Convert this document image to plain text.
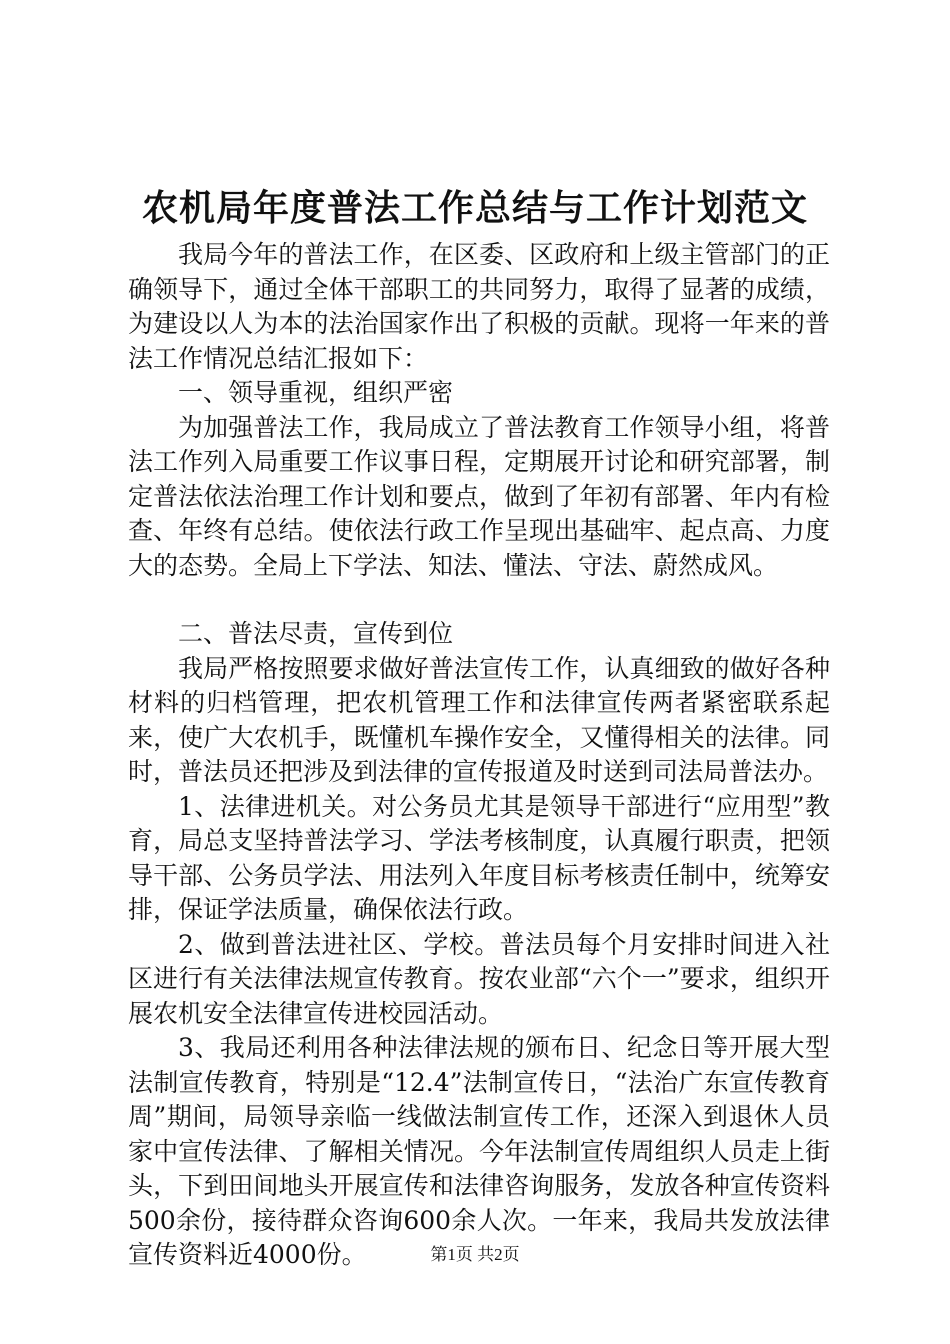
农机局年度普法工作总结与工作计划范文

我局今年的普法工作，在区委、区政府和上级主管部门的正确领导下，通过全体干部职工的共同努力，取得了显著的成绩，为建设以人为本的法治国家作出了积极的贡献。现将一年来的普法工作情况总结汇报如下：

一、领导重视，组织严密

为加强普法工作，我局成立了普法教育工作领导小组，将普法工作列入局重要工作议事日程，定期展开讨论和研究部署，制定普法依法治理工作计划和要点，做到了年初有部署、年内有检查、年终有总结。使依法行政工作呈现出基础牢、起点高、力度大的态势。全局上下学法、知法、懂法、守法、蔚然成风。

二、普法尽责，宣传到位

我局严格按照要求做好普法宣传工作，认真细致的做好各种材料的归档管理，把农机管理工作和法律宣传两者紧密联系起来，使广大农机手，既懂机车操作安全，又懂得相关的法律。同时，普法员还把涉及到法律的宣传报道及时送到司法局普法办。

1、法律进机关。对公务员尤其是领导干部进行“应用型”教育，局总支坚持普法学习、学法考核制度，认真履行职责，把领导干部、公务员学法、用法列入年度目标考核责任制中，统筹安排，保证学法质量，确保依法行政。

2、做到普法进社区、学校。普法员每个月安排时间进入社区进行有关法律法规宣传教育。按农业部“六个一”要求，组织开展农机安全法律宣传进校园活动。

3、我局还利用各种法律法规的颁布日、纪念日等开展大型法制宣传教育，特别是“12.4”法制宣传日，“法治广东宣传教育周”期间，局领导亲临一线做法制宣传工作，还深入到退休人员家中宣传法律、了解相关情况。今年法制宣传周组织人员走上街头，下到田间地头开展宣传和法律咨询服务，发放各种宣传资料500余份，接待群众咨询600余人次。一年来，我局共发放法律宣传资料近4000份。	第1页 共2页
